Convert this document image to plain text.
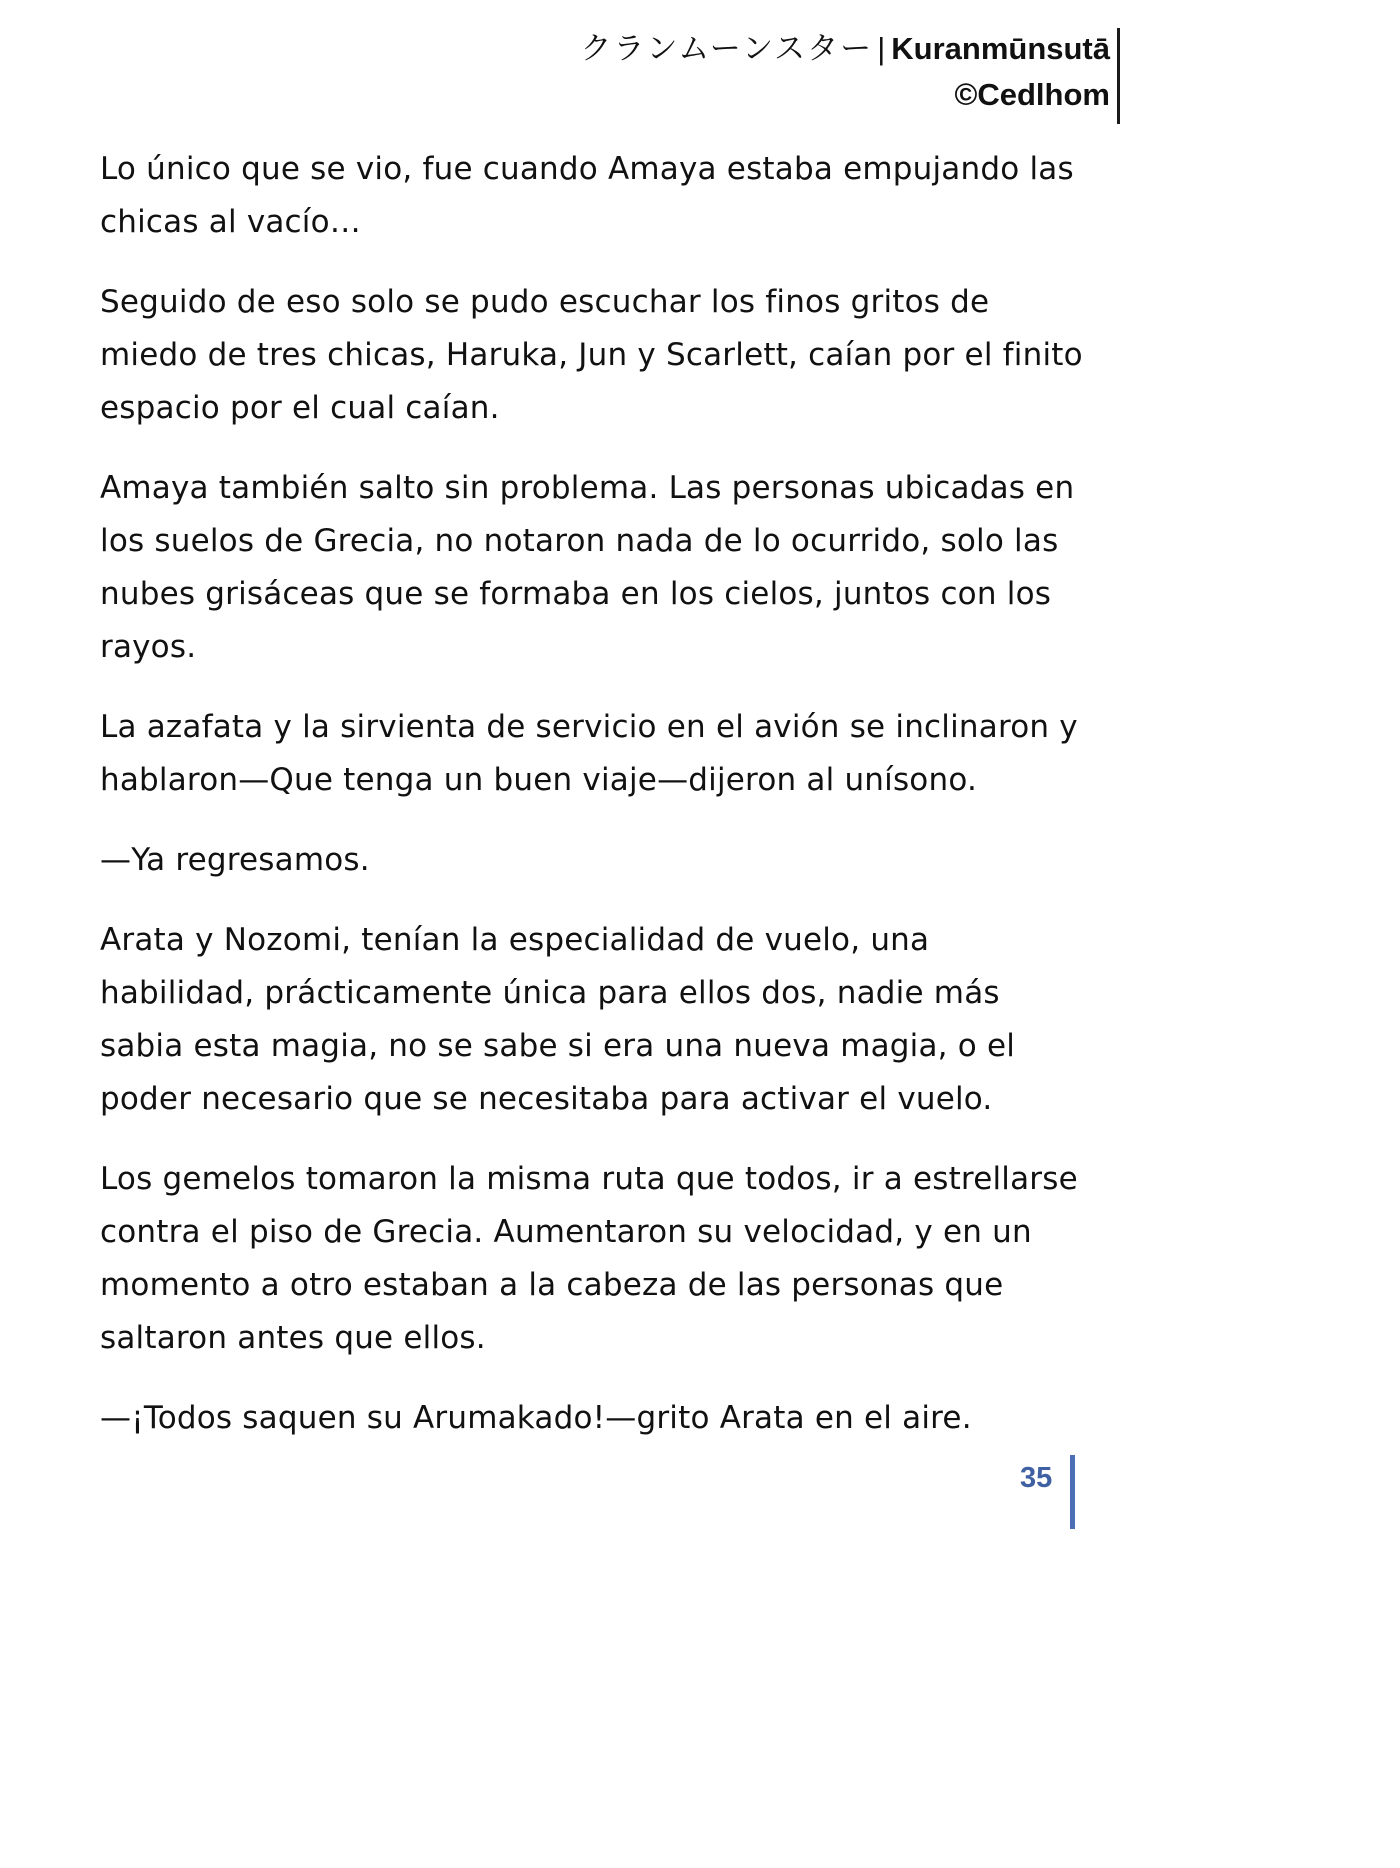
クランムーンスター | Kuranmūnsutā
©Cedlhom

Lo único que se vio, fue cuando Amaya estaba empujando las chicas al vacío…

Seguido de eso solo se pudo escuchar los finos gritos de miedo de tres chicas, Haruka, Jun y Scarlett, caían por el finito espacio por el cual caían.

Amaya también salto sin problema. Las personas ubicadas en los suelos de Grecia, no notaron nada de lo ocurrido, solo las nubes grisáceas que se formaba en los cielos, juntos con los rayos.

La azafata y la sirvienta de servicio en el avión se inclinaron y hablaron—Que tenga un buen viaje—dijeron al unísono.

—Ya regresamos.

Arata y Nozomi, tenían la especialidad de vuelo, una habilidad, prácticamente única para ellos dos, nadie más sabia esta magia, no se sabe si era una nueva magia, o el poder necesario que se necesitaba para activar el vuelo.

Los gemelos tomaron la misma ruta que todos, ir a estrellarse contra el piso de Grecia. Aumentaron su velocidad, y en un momento a otro estaban a la cabeza de las personas que saltaron antes que ellos.

—¡Todos saquen su Arumakado!—grito Arata en el aire.

35
